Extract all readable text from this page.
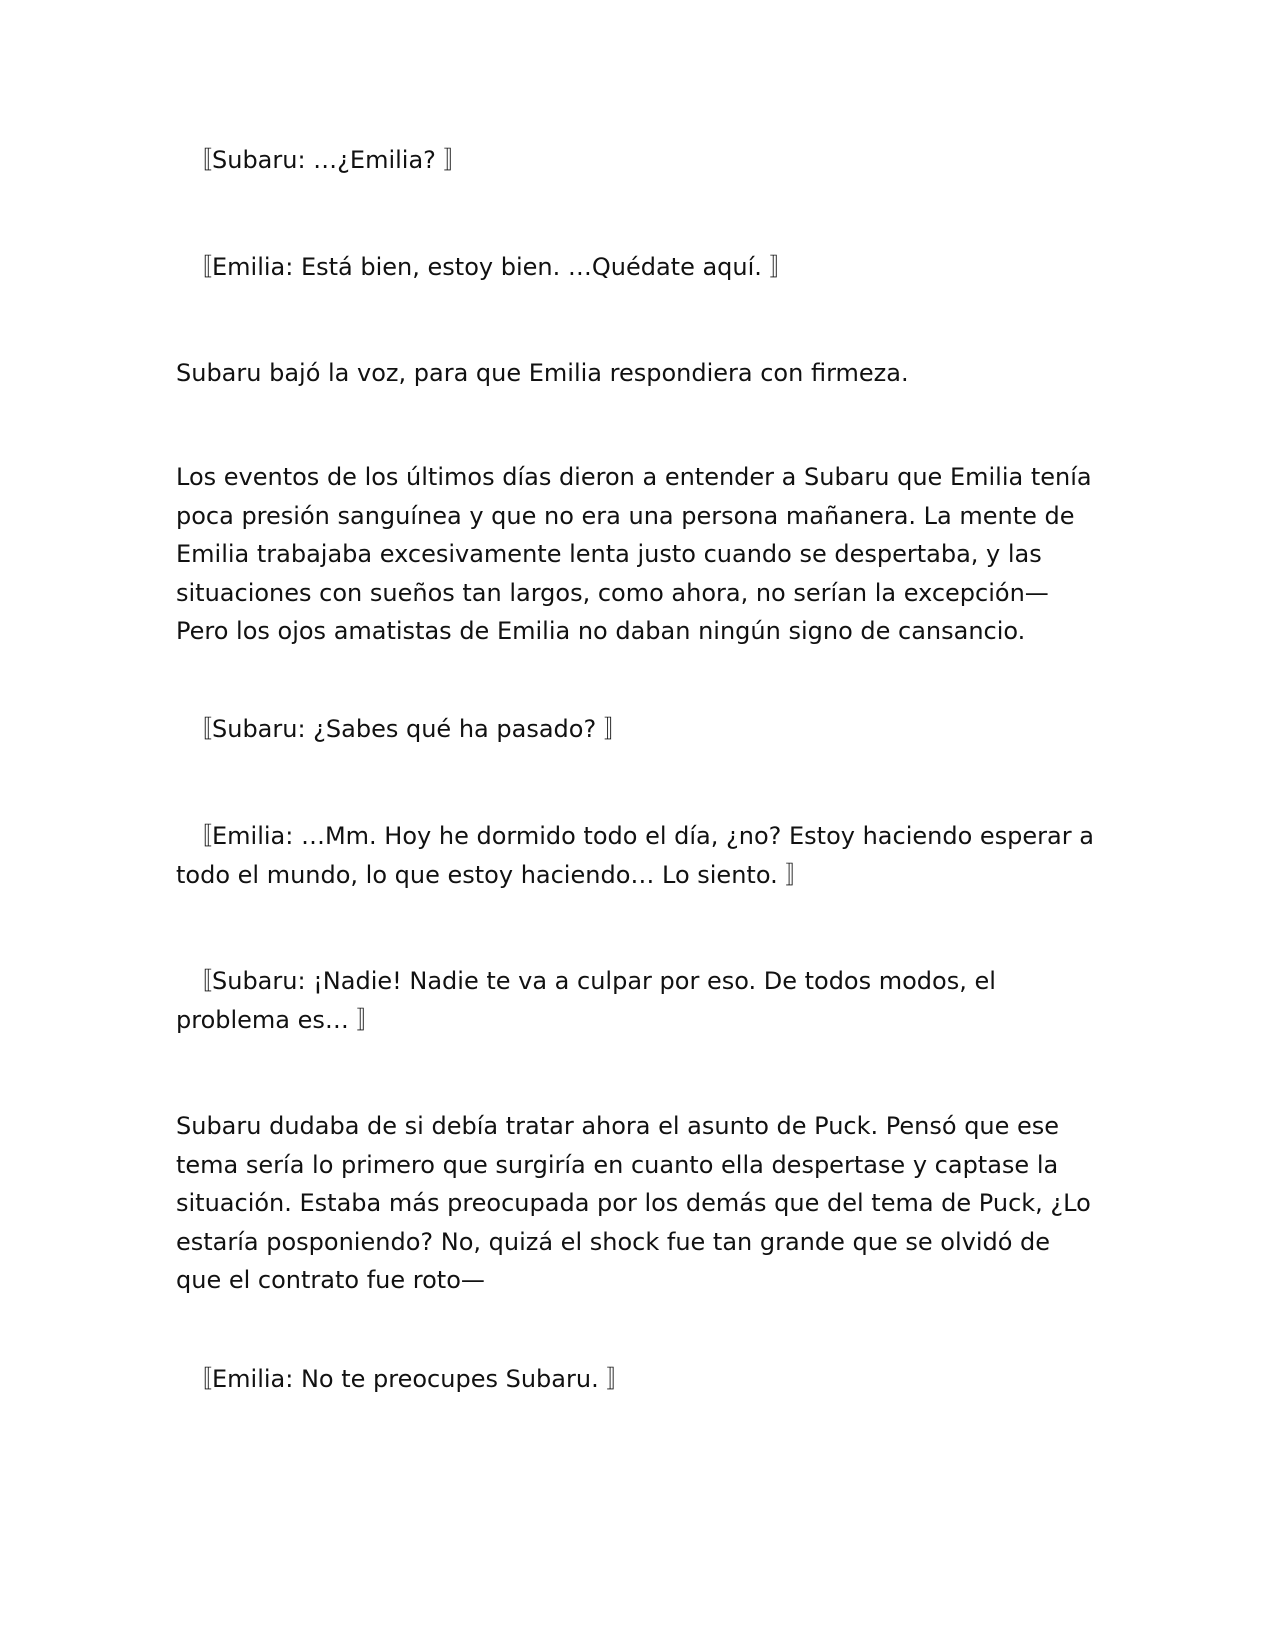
　〚Subaru: …¿Emilia? 〛

　〚Emilia: Está bien, estoy bien. …Quédate aquí. 〛

Subaru bajó la voz, para que Emilia respondiera con firmeza.

Los eventos de los últimos días dieron a entender a Subaru que Emilia tenía poca presión sanguínea y que no era una persona mañanera. La mente de Emilia trabajaba excesivamente lenta justo cuando se despertaba, y las situaciones con sueños tan largos, como ahora, no serían la excepción—Pero los ojos amatistas de Emilia no daban ningún signo de cansancio.

　〚Subaru: ¿Sabes qué ha pasado? 〛

　〚Emilia: …Mm. Hoy he dormido todo el día, ¿no? Estoy haciendo esperar a todo el mundo, lo que estoy haciendo… Lo siento. 〛

　〚Subaru: ¡Nadie! Nadie te va a culpar por eso. De todos modos, el problema es… 〛

Subaru dudaba de si debía tratar ahora el asunto de Puck. Pensó que ese tema sería lo primero que surgiría en cuanto ella despertase y captase la situación. Estaba más preocupada por los demás que del tema de Puck, ¿Lo estaría posponiendo? No, quizá el shock fue tan grande que se olvidó de que el contrato fue roto—

　〚Emilia: No te preocupes Subaru. 〛
